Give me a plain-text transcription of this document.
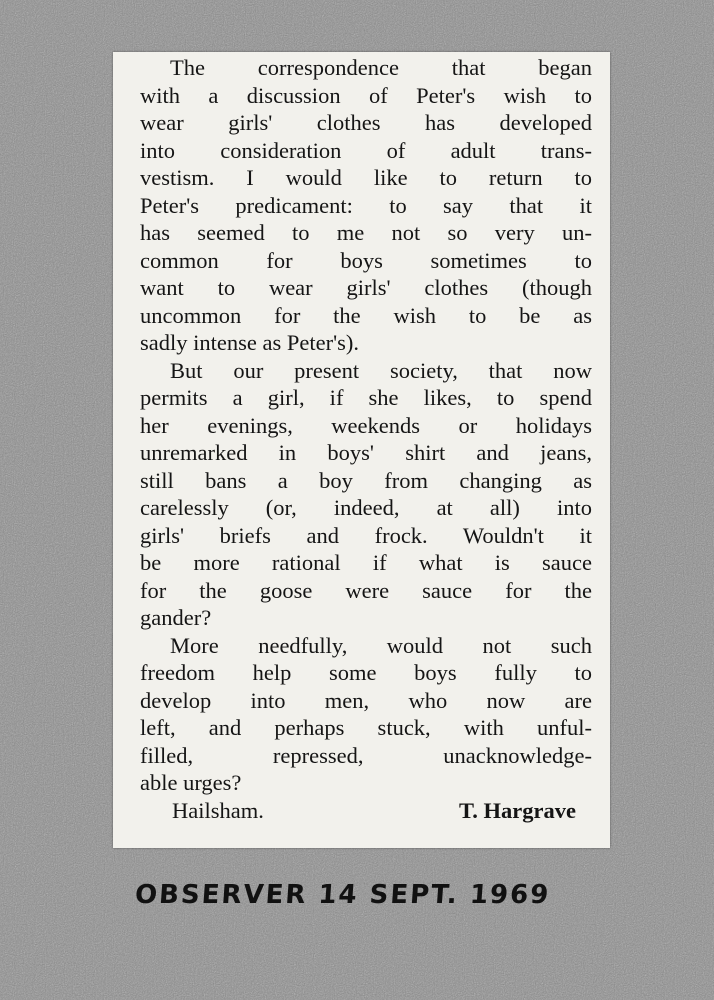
The correspondence that began
with a discussion of Peter's wish to
wear girls' clothes has developed
into consideration of adult trans-
vestism. I would like to return to
Peter's predicament: to say that it
has seemed to me not so very un-
common for boys sometimes to
want to wear girls' clothes (though
uncommon for the wish to be as
sadly intense as Peter's).
But our present society, that now
permits a girl, if she likes, to spend
her evenings, weekends or holidays
unremarked in boys' shirt and jeans,
still bans a boy from changing as
carelessly (or, indeed, at all) into
girls' briefs and frock. Wouldn't it
be more rational if what is sauce
for the goose were sauce for the
gander?
More needfully, would not such
freedom help some boys fully to
develop into men, who now are
left, and perhaps stuck, with unful-
filled, repressed, unacknowledge-
able urges?
Hailsham.	T. Hargrave
OBSERVER 14 SEPT. 1969
